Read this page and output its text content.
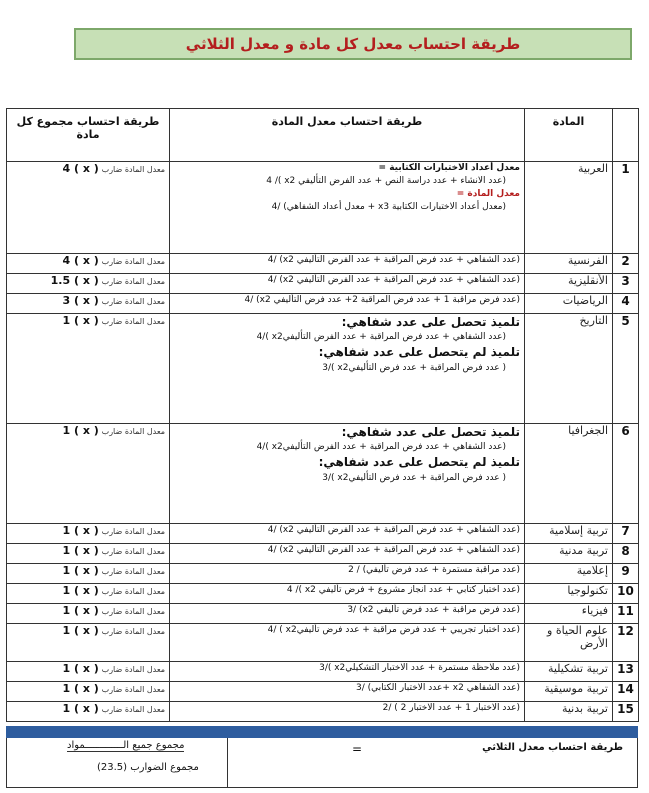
طريقة احتساب معدل كل مادة و معدل الثلاثي
	المادة	طريقة احتساب معدل المادة	طريقة احتساب مجموع كل مادة
1	العربية	معدل أعداد الاختبارات الكتابية =
(عدد الانشاء + عدد دراسة النص + عدد الفرض التأليفي x2 )/ 4
معدل المادة =
(معدل أعداد الاختبارات الكتابية x3 + معدل أعداد الشفاهي) /4	معدل المادة ضارب ( x ) 4
2	الفرنسية	(عدد الشفاهي + عدد فرض المراقبة + عدد الفرض التأليفي x2) /4	معدل المادة ضارب ( x ) 4
3	الأنقليزية	(عدد الشفاهي + عدد فرض المراقبة + عدد الفرض التأليفي x2) /4	معدل المادة ضارب ( x ) 1.5
4	الرياضيات	(عدد فرض مراقبة 1 + عدد فرض المراقبة 2+ عدد فرض التأليفي x2) /4	معدل المادة ضارب ( x ) 3
5	التاريخ	تلميذ تحصل على عدد شفاهي:
(عدد الشفاهي + عدد فرض المراقبة + عدد الفرض التأليفيx2 )/4
تلميذ لم يتحصل على عدد شفاهي:
( عدد فرض المراقبة + عدد فرض التأليفيx2 )/3	معدل المادة ضارب ( x ) 1
6	الجغرافيا	تلميذ تحصل على عدد شفاهي:
(عدد الشفاهي + عدد فرض المراقبة + عدد الفرض التأليفيx2 )/4
تلميذ لم يتحصل على عدد شفاهي:
( عدد فرض المراقبة + عدد فرض التأليفيx2 )/3	معدل المادة ضارب ( x ) 1
7	تربية إسلامية	(عدد الشفاهي + عدد فرض المراقبة + عدد الفرض التأليفي x2) /4	معدل المادة ضارب ( x ) 1
8	تربية مدنية	(عدد الشفاهي + عدد فرض المراقبة + عدد الفرض التأليفي x2) /4	معدل المادة ضارب ( x ) 1
9	إعلامية	(عدد مراقبة مستمرة + عدد فرض تأليفي) / 2	معدل المادة ضارب ( x ) 1
10	تكنولوجيا	(عدد اختبار كتابي + عدد انجاز مشروع + فرض تأليفي x2 )/ 4	معدل المادة ضارب ( x ) 1
11	فيزياء	(عدد فرض مراقبة + عدد فرض تأليفي x2) /3	معدل المادة ضارب ( x ) 1
12	علوم الحياة و الأرض	(عدد اختبار تجريبي + عدد فرض مراقبة + عدد فرض تأليفيx2 ) /4	معدل المادة ضارب ( x ) 1
13	تربية تشكيلية	(عدد ملاحظة مستمرة + عدد الاختبار التشكيليx2 )/3	معدل المادة ضارب ( x ) 1
14	تربية موسيقية	(عدد الشفاهي x2 +عدد الاختبار الكتابي) /3	معدل المادة ضارب ( x ) 1
15	تربية بدنية	(عدد الاختبار 1 + عدد الاختبار 2 ) /2	معدل المادة ضارب ( x ) 1
طريقة احتساب معدل الثلاثي
=
مجموع جميع الـــــــــــــمواد
مجموع الضوارب (23.5)
